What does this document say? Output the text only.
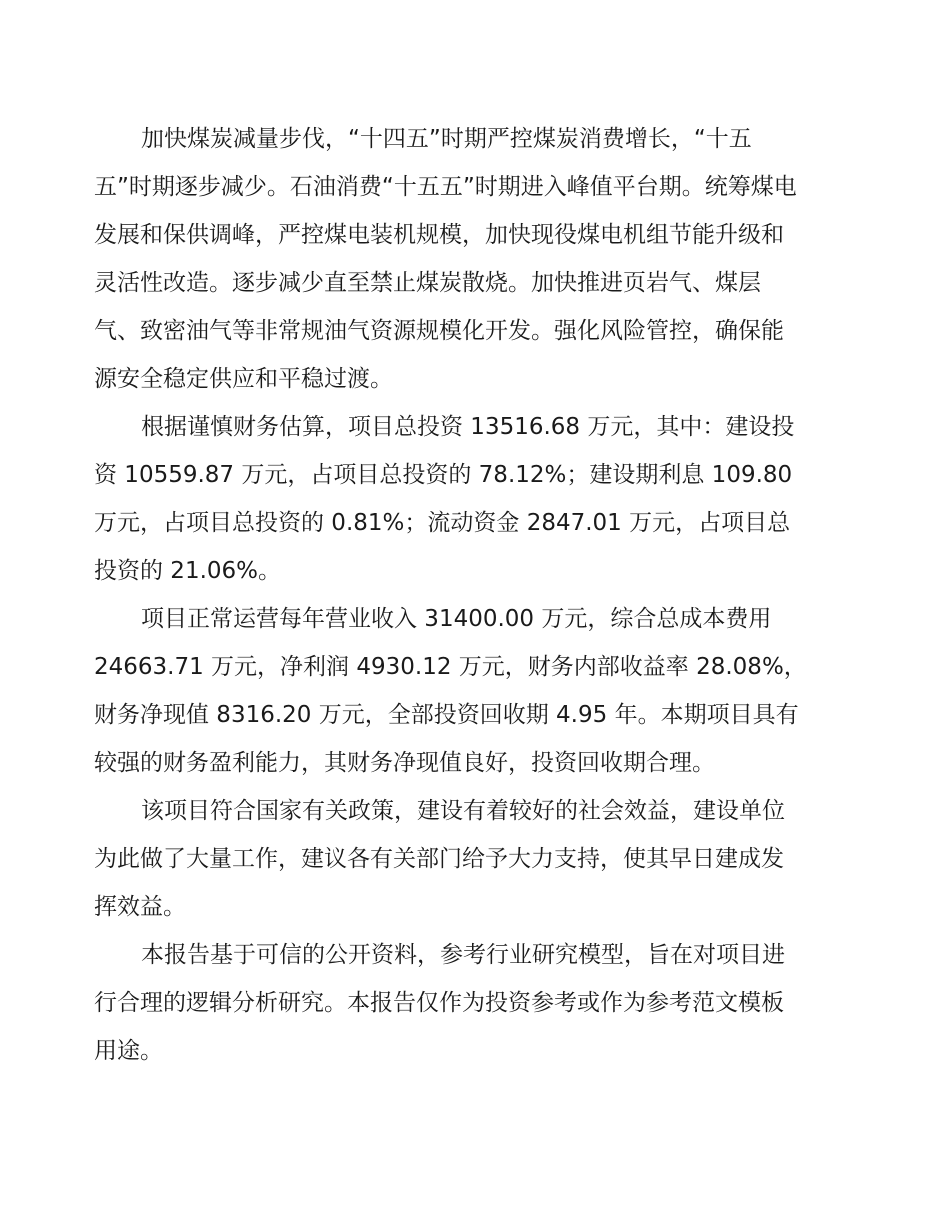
加快煤炭减量步伐，“十四五”时期严控煤炭消费增长，“十五
五”时期逐步减少。石油消费“十五五”时期进入峰值平台期。统筹煤电
发展和保供调峰，严控煤电装机规模，加快现役煤电机组节能升级和
灵活性改造。逐步减少直至禁止煤炭散烧。加快推进页岩气、煤层
气、致密油气等非常规油气资源规模化开发。强化风险管控，确保能
源安全稳定供应和平稳过渡。
根据谨慎财务估算，项目总投资 13516.68 万元，其中：建设投
资 10559.87 万元，占项目总投资的 78.12%；建设期利息 109.80
万元，占项目总投资的 0.81%；流动资金 2847.01 万元，占项目总
投资的 21.06%。
项目正常运营每年营业收入 31400.00 万元，综合总成本费用
24663.71 万元，净利润 4930.12 万元，财务内部收益率 28.08%，
财务净现值 8316.20 万元，全部投资回收期 4.95 年。本期项目具有
较强的财务盈利能力，其财务净现值良好，投资回收期合理。
该项目符合国家有关政策，建设有着较好的社会效益，建设单位
为此做了大量工作，建议各有关部门给予大力支持，使其早日建成发
挥效益。
本报告基于可信的公开资料，参考行业研究模型，旨在对项目进
行合理的逻辑分析研究。本报告仅作为投资参考或作为参考范文模板
用途。
